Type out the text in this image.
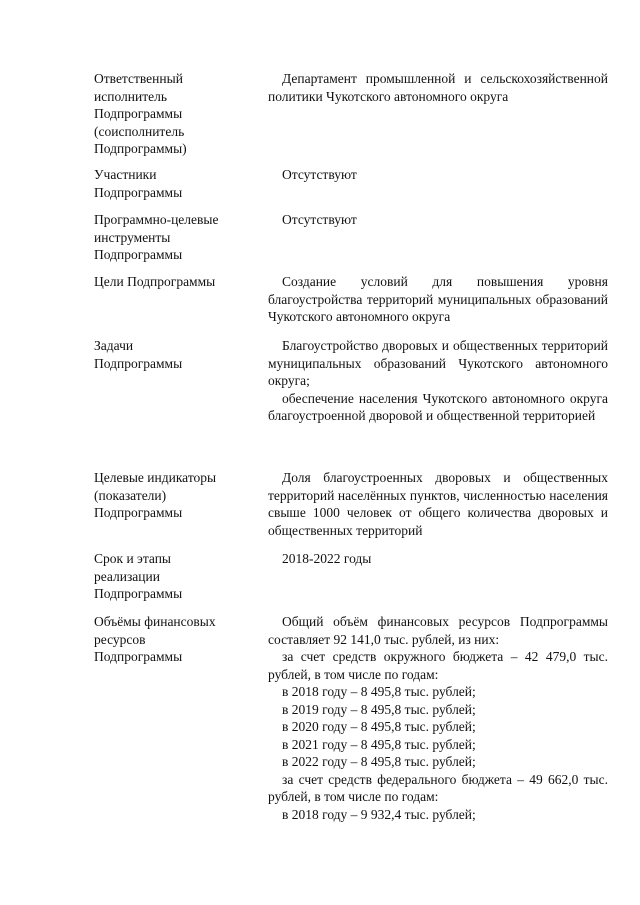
Ответственный
исполнитель
Подпрограммы
(соисполнитель
Подпрограммы)
Департамент промышленной и сельскохозяйственной политики Чукотского автономного округа
Участники
Подпрограммы
Отсутствуют
Программно-целевые
инструменты
Подпрограммы
Отсутствуют
Цели Подпрограммы	Создание условий для повышения уровня благоустройства территорий муниципальных образований Чукотского автономного округа
Задачи
Подпрограммы
Благоустройство дворовых и общественных территорий муниципальных образований Чукотского автономного округа;
обеспечение населения Чукотского автономного округа благоустроенной дворовой и общественной территорией
Целевые индикаторы
(показатели)
Подпрограммы
Доля благоустроенных дворовых и общественных территорий населённых пунктов, численностью населения свыше 1000 человек от общего количества дворовых и общественных территорий
Срок и этапы
реализации
Подпрограммы
2018-2022 годы
Объёмы финансовых
ресурсов
Подпрограммы
Общий объём финансовых ресурсов Подпрограммы составляет 92 141,0 тыс. рублей, из них:
за счет средств окружного бюджета – 42 479,0 тыс. рублей, в том числе по годам:
в 2018 году – 8 495,8 тыс. рублей;
в 2019 году – 8 495,8 тыс. рублей;
в 2020 году – 8 495,8 тыс. рублей;
в 2021 году – 8 495,8 тыс. рублей;
в 2022 году – 8 495,8 тыс. рублей;
за счет средств федерального бюджета – 49 662,0 тыс. рублей, в том числе по годам:
в 2018 году – 9 932,4 тыс. рублей;
